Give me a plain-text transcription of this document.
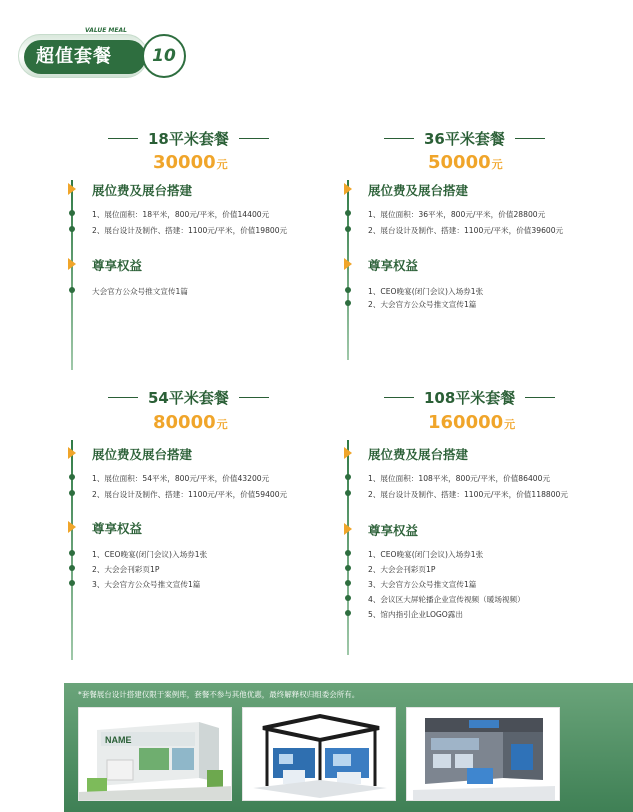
VALUE MEAL
超值套餐	10
18平米套餐
30000元
展位费及展台搭建
1、展位面积：18平米，800元/平米，价值14400元
2、展台设计及制作、搭建：1100元/平米，价值19800元
尊享权益
大会官方公众号推文宣传1篇
36平米套餐
50000元
展位费及展台搭建
1、展位面积：36平米，800元/平米，价值28800元
2、展台设计及制作、搭建：1100元/平米，价值39600元
尊享权益
1、CEO晚宴(闭门会议)入场券1张
2、大会官方公众号推文宣传1篇
54平米套餐
80000元
展位费及展台搭建
1、展位面积：54平米，800元/平米，价值43200元
2、展台设计及制作、搭建：1100元/平米，价值59400元
尊享权益
1、CEO晚宴(闭门会议)入场券1张
2、大会会刊彩页1P
3、大会官方公众号推文宣传1篇
108平米套餐
160000元
展位费及展台搭建
1、展位面积：108平米，800元/平米，价值86400元
2、展台设计及制作、搭建：1100元/平米，价值118800元
尊享权益
1、CEO晚宴(闭门会议)入场券1张
2、大会会刊彩页1P
3、大会官方公众号推文宣传1篇
4、会议区大屏轮播企业宣传视频（暖场视频）
5、馆内指引企业LOGO露出
*套餐展台设计搭建仅限于案例库，套餐不参与其他优惠，最终解释权归组委会所有。
NAME
